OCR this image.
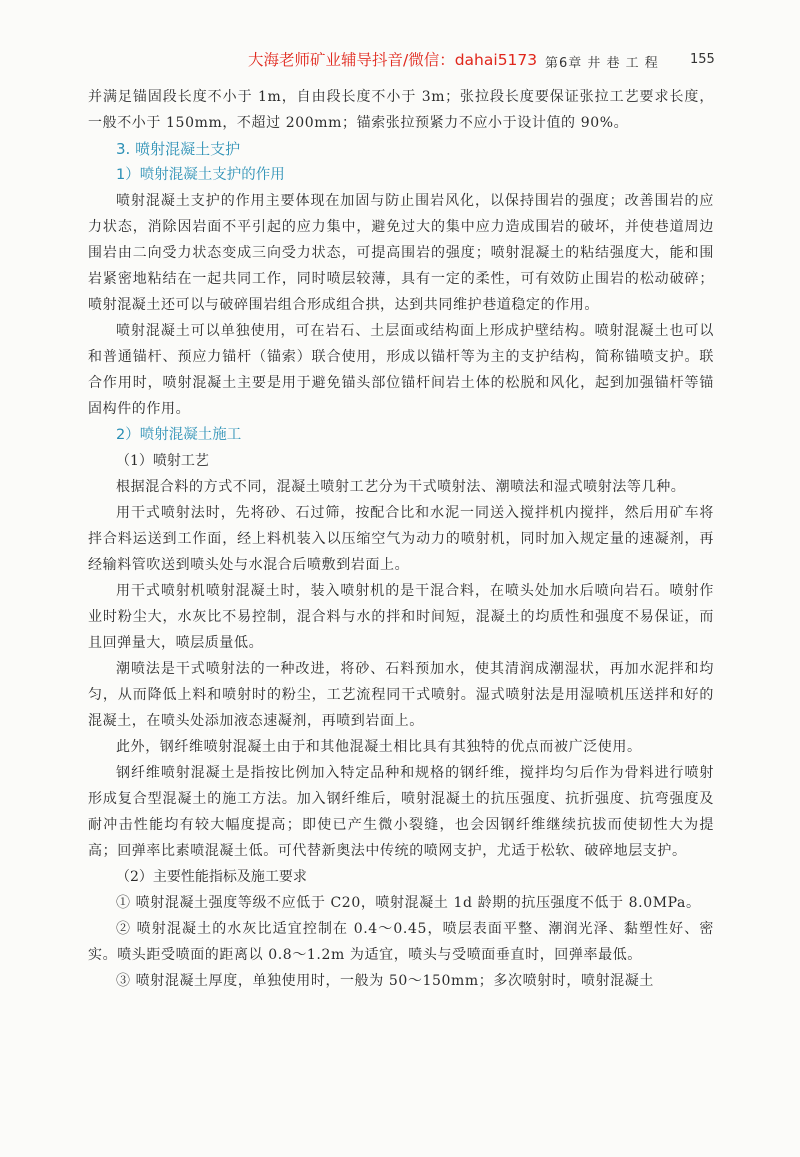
大海老师矿业辅导抖音/微信：dahai5173 第6章 井 巷 工 程 155

并满足锚固段长度不小于 1m，自由段长度不小于 3m；张拉段长度要保证张拉工艺要求长度，一般不小于 150mm，不超过 200mm；锚索张拉预紧力不应小于设计值的 90%。

3. 喷射混凝土支护

1）喷射混凝土支护的作用

喷射混凝土支护的作用主要体现在加固与防止围岩风化，以保持围岩的强度；改善围岩的应力状态，消除因岩面不平引起的应力集中，避免过大的集中应力造成围岩的破坏，并使巷道周边围岩由二向受力状态变成三向受力状态，可提高围岩的强度；喷射混凝土的粘结强度大，能和围岩紧密地粘结在一起共同工作，同时喷层较薄，具有一定的柔性，可有效防止围岩的松动破碎；喷射混凝土还可以与破碎围岩组合形成组合拱，达到共同维护巷道稳定的作用。

喷射混凝土可以单独使用，可在岩石、土层面或结构面上形成护壁结构。喷射混凝土也可以和普通锚杆、预应力锚杆（锚索）联合使用，形成以锚杆等为主的支护结构，简称锚喷支护。联合作用时，喷射混凝土主要是用于避免锚头部位锚杆间岩土体的松脱和风化，起到加强锚杆等锚固构件的作用。

2）喷射混凝土施工

（1）喷射工艺

根据混合料的方式不同，混凝土喷射工艺分为干式喷射法、潮喷法和湿式喷射法等几种。

用干式喷射法时，先将砂、石过筛，按配合比和水泥一同送入搅拌机内搅拌，然后用矿车将拌合料运送到工作面，经上料机装入以压缩空气为动力的喷射机，同时加入规定量的速凝剂，再经输料管吹送到喷头处与水混合后喷敷到岩面上。

用干式喷射机喷射混凝土时，装入喷射机的是干混合料，在喷头处加水后喷向岩石。喷射作业时粉尘大，水灰比不易控制，混合料与水的拌和时间短，混凝土的均质性和强度不易保证，而且回弹量大，喷层质量低。

潮喷法是干式喷射法的一种改进，将砂、石料预加水，使其清润成潮湿状，再加水泥拌和均匀，从而降低上料和喷射时的粉尘，工艺流程同干式喷射。湿式喷射法是用湿喷机压送拌和好的混凝土，在喷头处添加液态速凝剂，再喷到岩面上。

此外，钢纤维喷射混凝土由于和其他混凝土相比具有其独特的优点而被广泛使用。

钢纤维喷射混凝土是指按比例加入特定品种和规格的钢纤维，搅拌均匀后作为骨料进行喷射形成复合型混凝土的施工方法。加入钢纤维后，喷射混凝土的抗压强度、抗折强度、抗弯强度及耐冲击性能均有较大幅度提高；即使已产生微小裂缝，也会因钢纤维继续抗拔而使韧性大为提高；回弹率比素喷混凝土低。可代替新奥法中传统的喷网支护，尤适于松软、破碎地层支护。

（2）主要性能指标及施工要求

① 喷射混凝土强度等级不应低于 C20，喷射混凝土 1d 龄期的抗压强度不低于 8.0MPa。

② 喷射混凝土的水灰比适宜控制在 0.4～0.45，喷层表面平整、潮润光泽、黏塑性好、密实。喷头距受喷面的距离以 0.8～1.2m 为适宜，喷头与受喷面垂直时，回弹率最低。

③ 喷射混凝土厚度，单独使用时，一般为 50～150mm；多次喷射时，喷射混凝土
